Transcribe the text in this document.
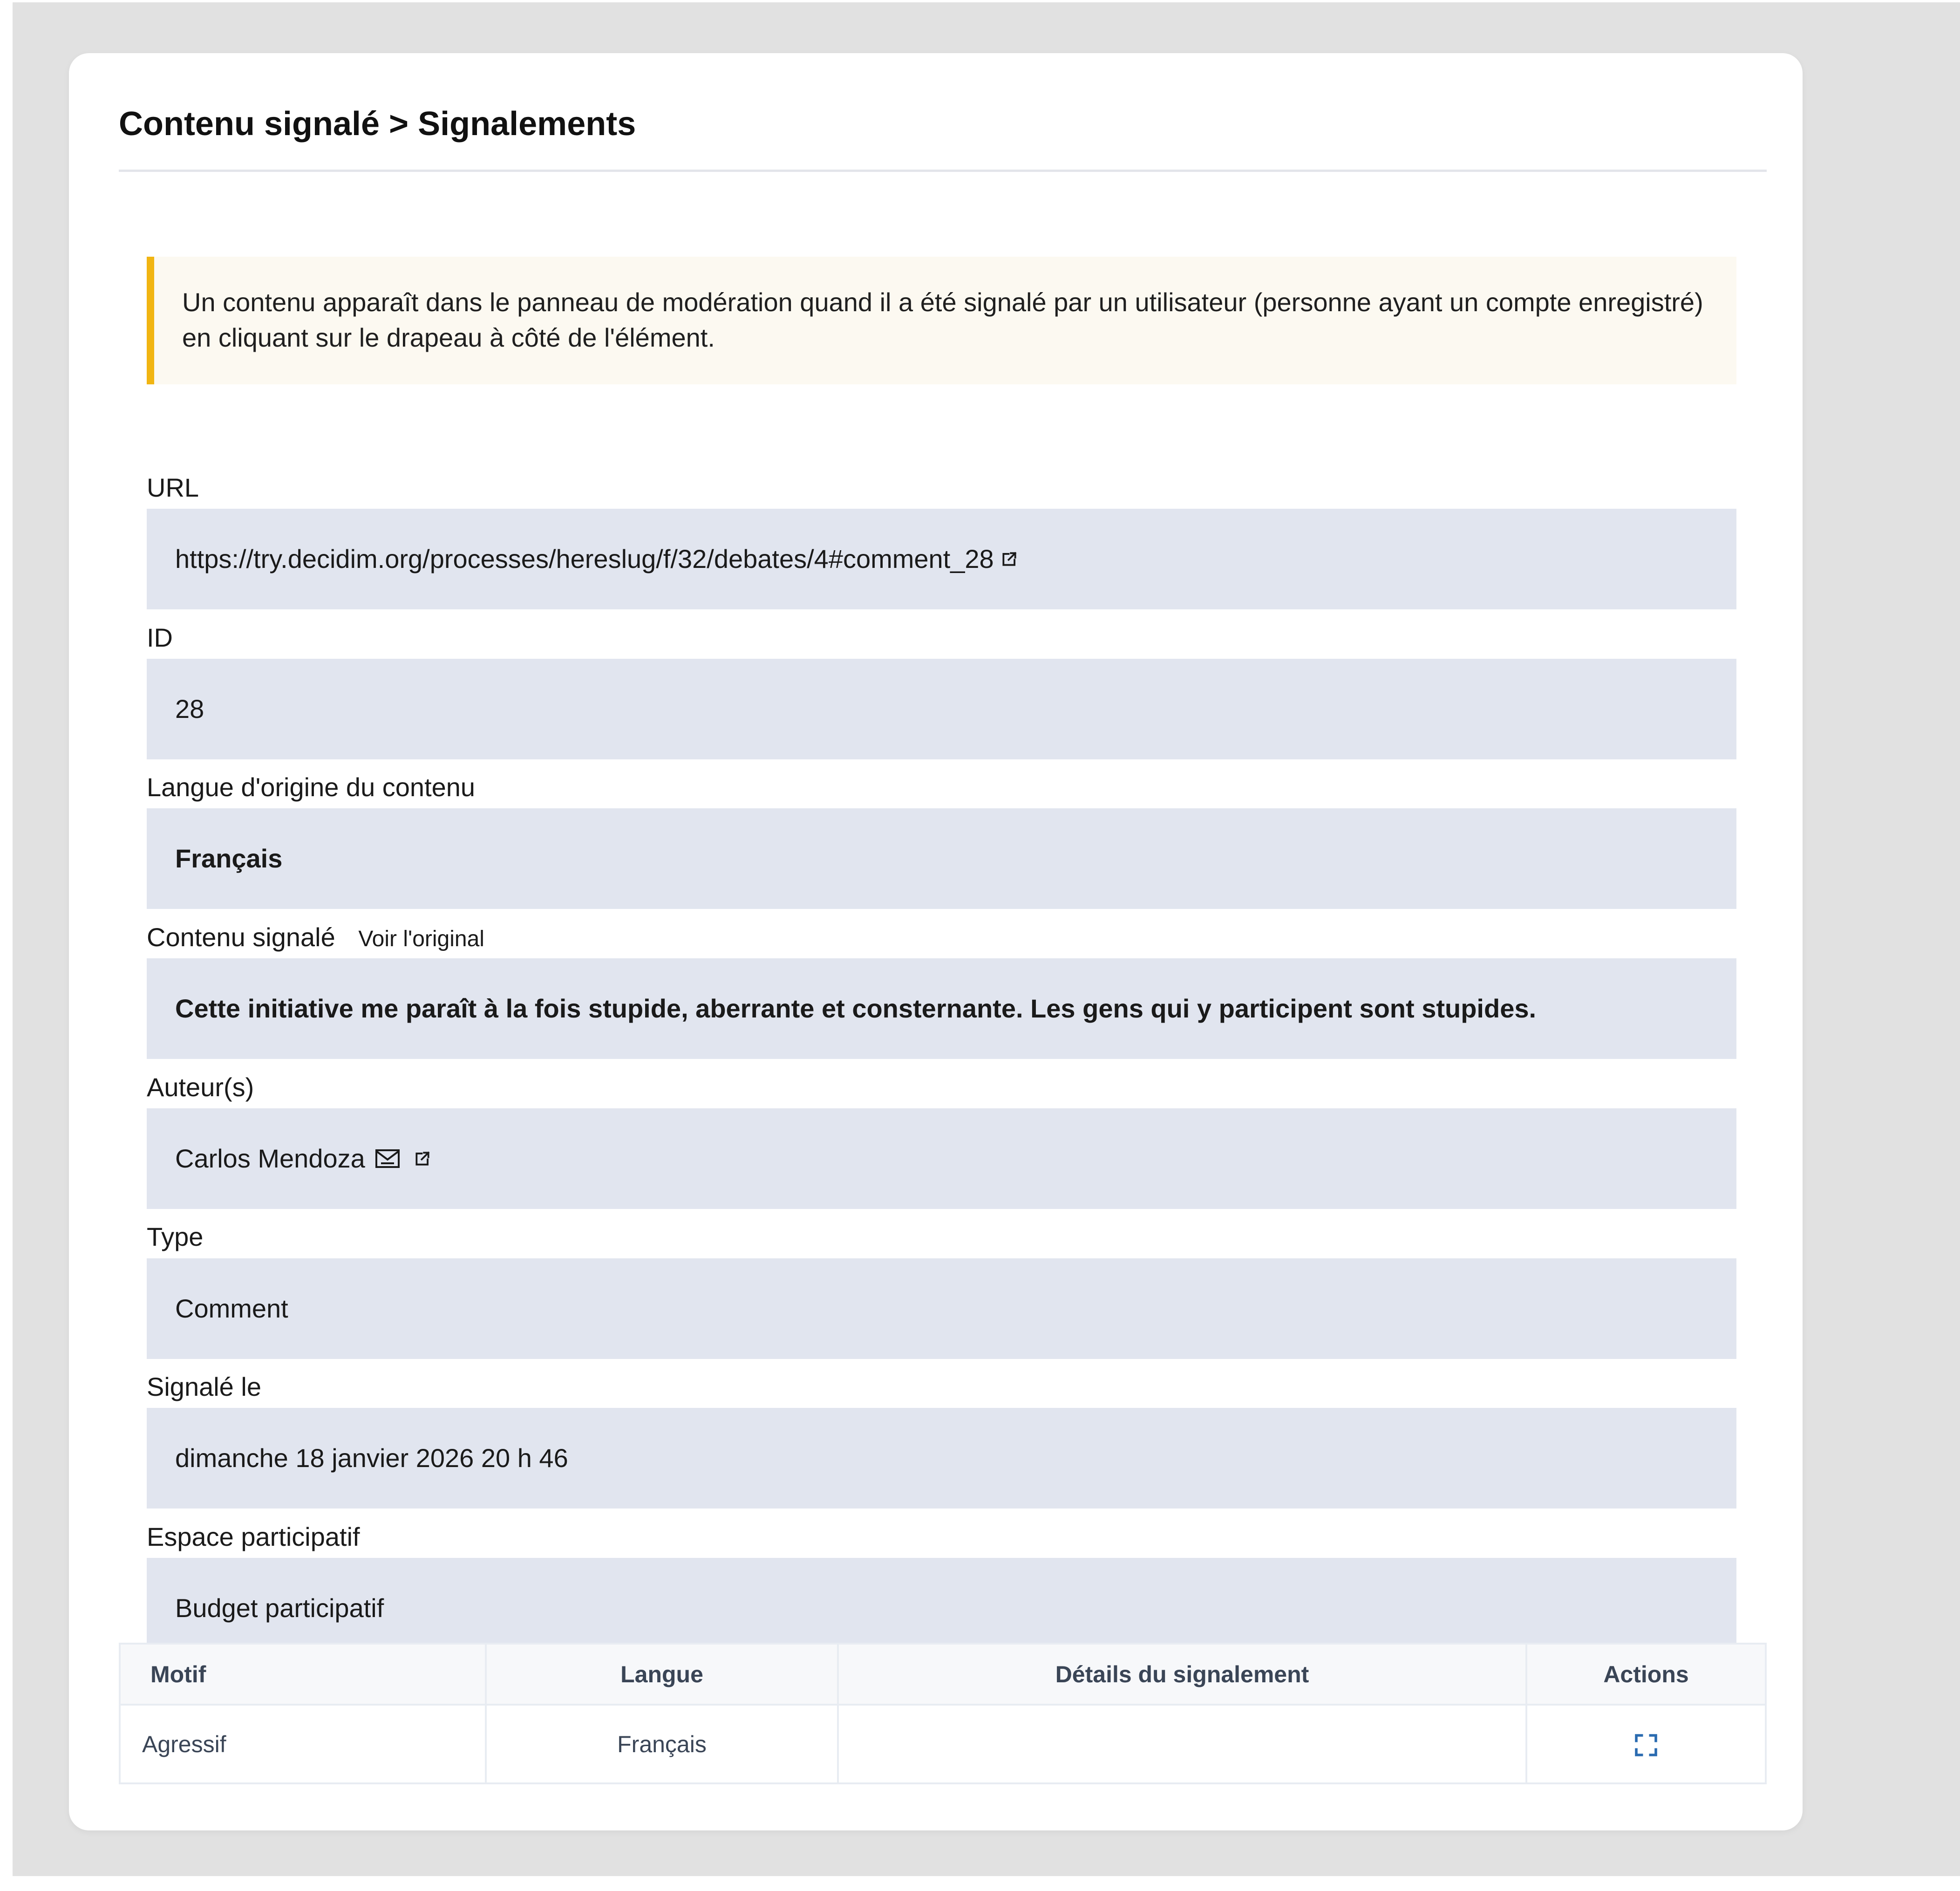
Contenu signalé > Signalements
Un contenu apparaît dans le panneau de modération quand il a été signalé par un utilisateur (personne ayant un compte enregistré) en cliquant sur le drapeau à côté de l'élément.
URL
https://try.decidim.org/processes/hereslug/f/32/debates/4#comment_28
ID
28
Langue d'origine du contenu
Français
Contenu signalé Voir l'original
Cette initiative me paraît à la fois stupide, aberrante et consternante. Les gens qui y participent sont stupides.
Auteur(s)
Carlos Mendoza
Type
Comment
Signalé le
dimanche 18 janvier 2026 20 h 46
Espace participatif
Budget participatif
Motif	Langue	Détails du signalement	Actions
Agressif	Français		
